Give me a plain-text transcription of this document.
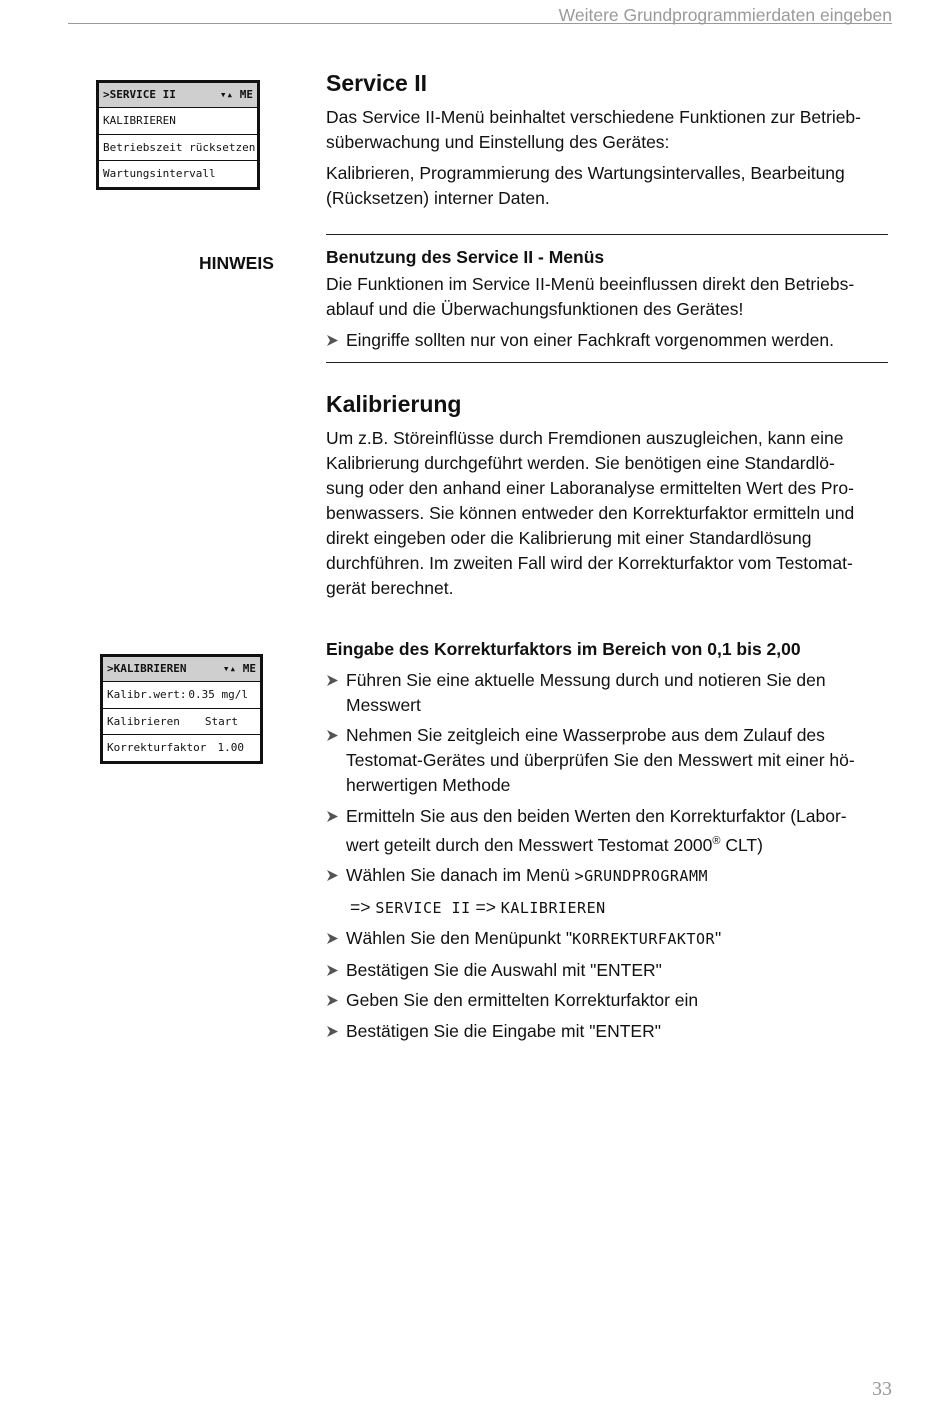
Weitere Grundprogrammierdaten eingeben
>SERVICE II	▾▴ ME
KALIBRIEREN
Betriebszeit rücksetzen
Wartungsintervall
Service II

Das Service II-Menü beinhaltet verschiedene Funktionen zur Betrieb-
süberwachung und Einstellung des Gerätes:

Kalibrieren, Programmierung des Wartungsintervalles, Bearbeitung
(Rücksetzen) interner Daten.

HINWEIS	Benutzung des Service II - Menüs

Die Funktionen im Service II-Menü beeinflussen direkt den Betriebs-
ablauf und die Überwachungsfunktionen des Gerätes!

Eingriffe sollten nur von einer Fachkraft vorgenommen werden.
Kalibrierung

Um z.B. Störeinflüsse durch Fremdionen auszugleichen, kann eine
Kalibrierung durchgeführt werden. Sie benötigen eine Standardlö-
sung oder den anhand einer Laboranalyse ermittelten Wert des Pro-
benwassers. Sie können entweder den Korrekturfaktor ermitteln und
direkt eingeben oder die Kalibrierung mit einer Standardlösung
durchführen. Im zweiten Fall wird der Korrekturfaktor vom Testomat-
gerät berechnet.

>KALIBRIEREN	▾▴ ME
Kalibr.wert: 0.35 mg/l
Kalibrieren Start
Korrekturfaktor 1.00

Eingabe des Korrekturfaktors im Bereich von 0,1 bis 2,00

Führen Sie eine aktuelle Messung durch und notieren Sie den
Messwert
Nehmen Sie zeitgleich eine Wasserprobe aus dem Zulauf des
Testomat-Gerätes und überprüfen Sie den Messwert mit einer hö-
herwertigen Methode
Ermitteln Sie aus den beiden Werten den Korrekturfaktor (Labor-
wert geteilt durch den Messwert Testomat 2000® CLT)
Wählen Sie danach im Menü >GRUNDPROGRAMM
=> SERVICE II => KALIBRIEREN
Wählen Sie den Menüpunkt "KORREKTURFAKTOR"
Bestätigen Sie die Auswahl mit "ENTER"
Geben Sie den ermittelten Korrekturfaktor ein
Bestätigen Sie die Eingabe mit "ENTER"
33
